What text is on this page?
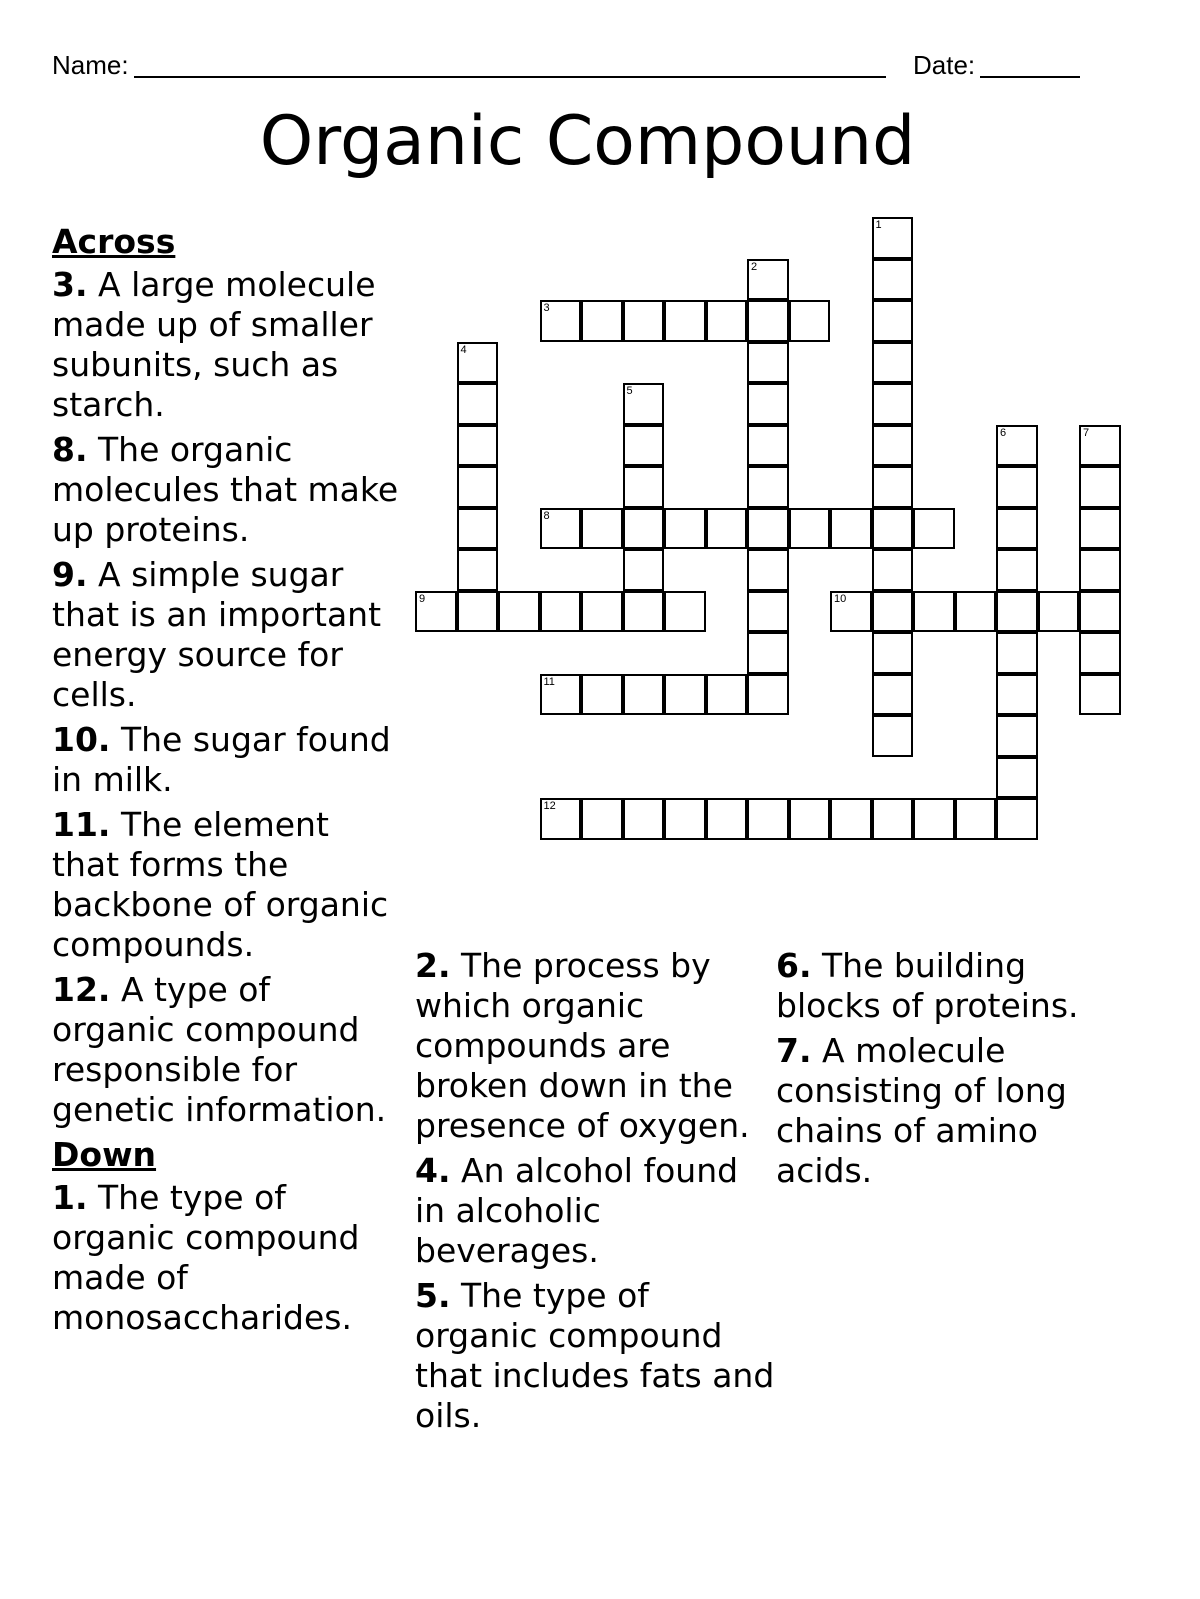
Name:	Date:
Organic Compound
1
2
3
4
5
6	7
8
9	10
11
12
Across
3. A large molecule made up of smaller subunits, such as starch.
8. The organic molecules that make up proteins.
9. A simple sugar that is an important energy source for cells.
10. The sugar found in milk.
11. The element that forms the backbone of organic compounds.
12. A type of organic compound responsible for genetic information.
Down
1. The type of organic compound made of monosaccharides.
2. The process by which organic compounds are broken down in the presence of oxygen.
4. An alcohol found in alcoholic beverages.
5. The type of organic compound that includes fats and oils.
6. The building blocks of proteins.
7. A molecule consisting of long chains of amino acids.
